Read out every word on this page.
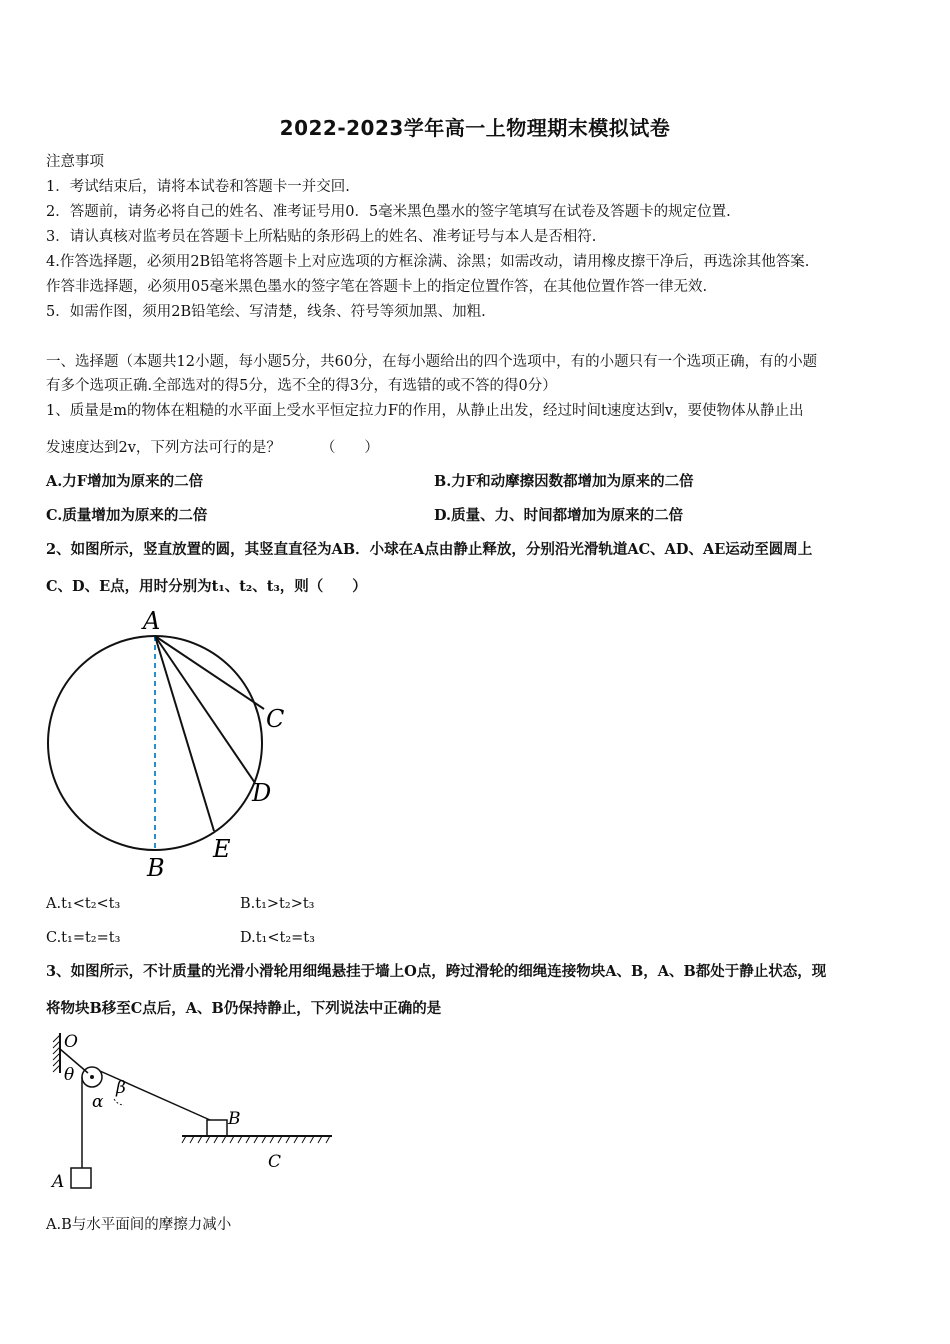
2022-2023学年高一上物理期末模拟试卷
注意事项
1．考试结束后，请将本试卷和答题卡一并交回.
2．答题前，请务必将自己的姓名、准考证号用0．5毫米黑色墨水的签字笔填写在试卷及答题卡的规定位置.
3．请认真核对监考员在答题卡上所粘贴的条形码上的姓名、准考证号与本人是否相符.
4.作答选择题，必须用2B铅笔将答题卡上对应选项的方框涂满、涂黑；如需改动，请用橡皮擦干净后，再选涂其他答案.
作答非选择题，必须用05毫米黑色墨水的签字笔在答题卡上的指定位置作答，在其他位置作答一律无效.
5．如需作图，须用2B铅笔绘、写清楚，线条、符号等须加黑、加粗.
一、选择题（本题共12小题，每小题5分，共60分，在每小题给出的四个选项中，有的小题只有一个选项正确，有的小题
有多个选项正确.全部选对的得5分，选不全的得3分，有选错的或不答的得0分）
1、质量是m的物体在粗糙的水平面上受水平恒定拉力F的作用，从静止出发，经过时间t速度达到v，要使物体从静止出
发速度达到2v，下列方法可行的是？	（　　）
A.力F增加为原来的二倍	B.力F和动摩擦因数都增加为原来的二倍
C.质量增加为原来的二倍	D.质量、力、时间都增加为原来的二倍
2、如图所示，竖直放置的圆，其竖直直径为AB．小球在A点由静止释放，分别沿光滑轨道AC、AD、AE运动至圆周上
C、D、E点，用时分别为t₁、t₂、t₃，则（　　）
A
B
C
D
E
A.t₁<t₂<t₃	B.t₁>t₂>t₃
C.t₁=t₂=t₃	D.t₁<t₂=t₃
3、如图所示，不计质量的光滑小滑轮用细绳悬挂于墙上O点，跨过滑轮的细绳连接物块A、B，A、B都处于静止状态，现
将物块B移至C点后，A、B仍保持静止，下列说法中正确的是
O
θ
α
β
B
C
A
A.B与水平面间的摩擦力减小
